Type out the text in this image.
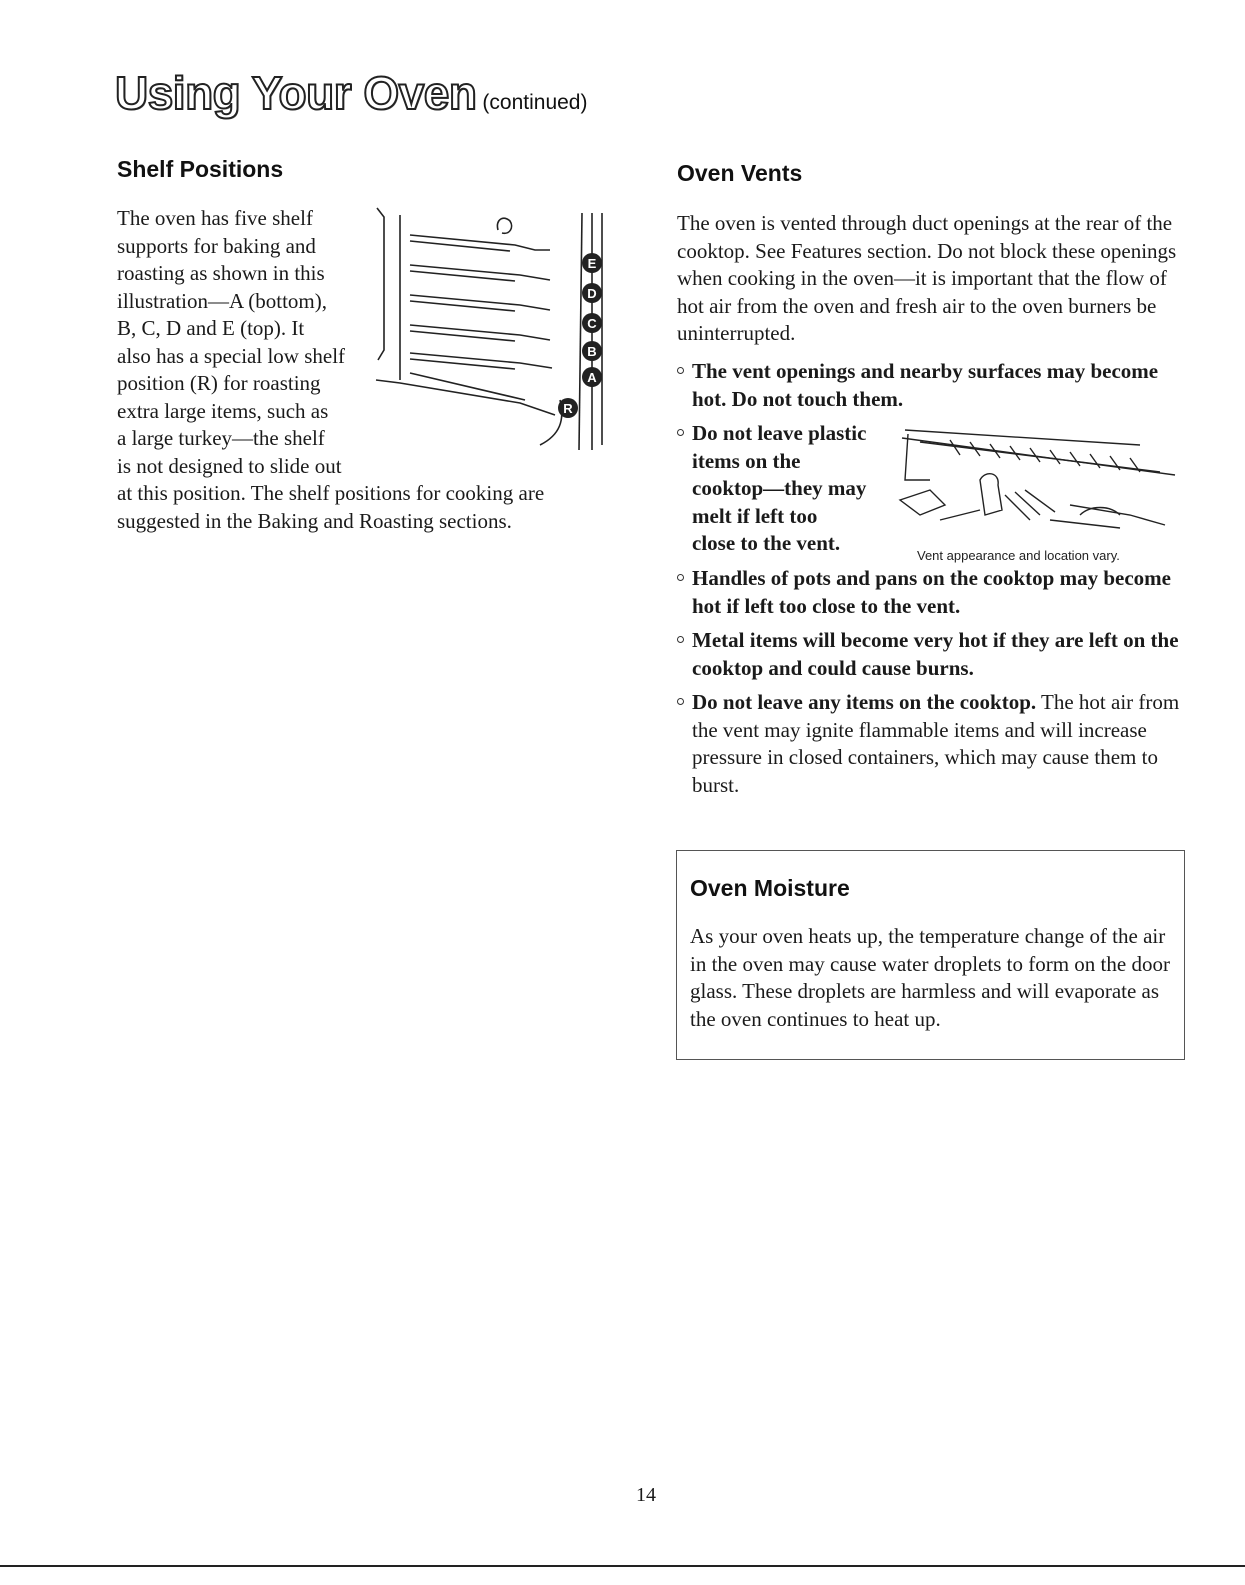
Using Your Oven (continued)
Shelf Positions
The oven has five shelf
supports for baking and
roasting as shown in this
illustration—A (bottom),
B, C, D and E (top). It
also has a special low shelf
position (R) for roasting
extra large items, such as
a large turkey—the shelf
is not designed to slide out
at this position. The shelf positions for cooking are
suggested in the Baking and Roasting sections.
E
D
C
B
A
R
Oven Vents

The oven is vented through duct openings at the rear of the cooktop. See Features section. Do not block these openings when cooking in the oven—it is important that the flow of hot air from the oven and fresh air to the oven burners be uninterrupted.

The vent openings and nearby surfaces may become hot. Do not touch them.
Do not leave plastic
items on the
cooktop—they may
melt if left too
close to the vent.
Handles of pots and pans on the cooktop may become hot if left too close to the vent.
Metal items will become very hot if they are left on the cooktop and could cause burns.
Do not leave any items on the cooktop. The hot air from the vent may ignite flammable items and will increase pressure in closed containers, which may cause them to burst.
Vent appearance and location vary.
Oven Moisture

As your oven heats up, the temperature change of the air in the oven may cause water droplets to form on the door glass. These droplets are harmless and will evaporate as the oven continues to heat up.

14
